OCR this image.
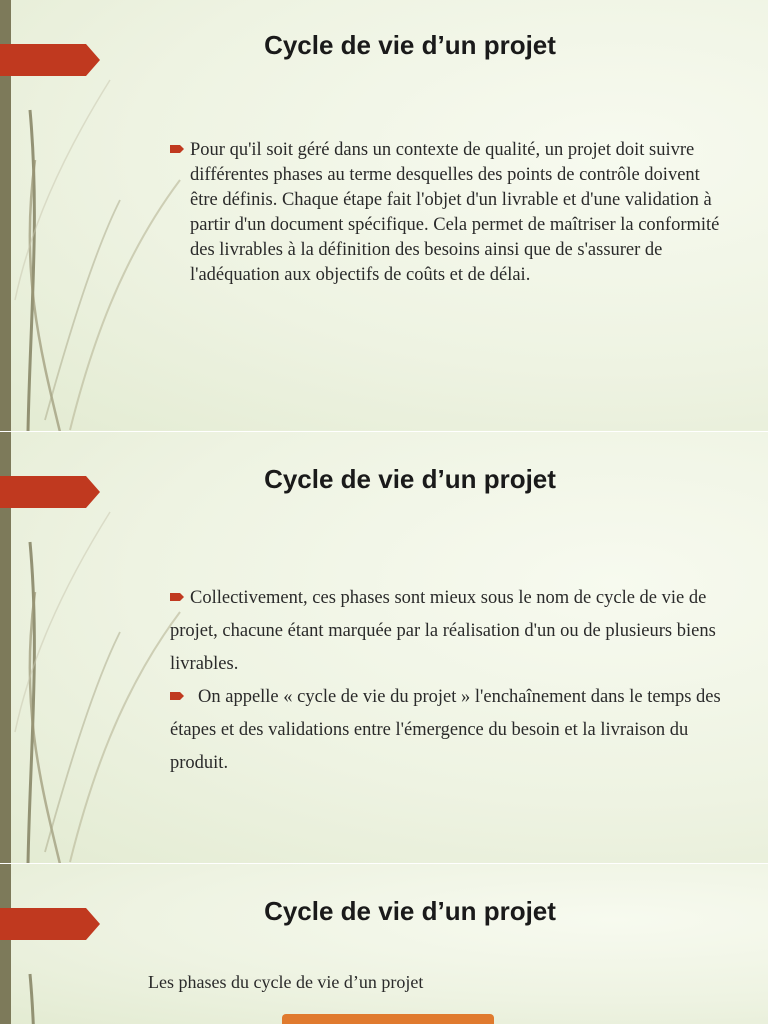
Cycle de vie d’un projet

Pour qu'il soit géré dans un contexte de qualité, un projet doit suivre différentes phases au terme desquelles des points de contrôle doivent être définis. Chaque étape fait l'objet d'un livrable et d'une validation à partir d'un document spécifique. Cela permet de maîtriser la conformité des livrables à la définition des besoins ainsi que de s'assurer de l'adéquation aux objectifs de coûts et de délai.

Cycle de vie d’un projet

Collectivement, ces phases sont mieux sous le nom de cycle de vie de projet, chacune étant marquée par la réalisation d'un ou de plusieurs biens livrables.

On appelle « cycle de vie du projet » l'enchaînement dans le temps des étapes et des validations entre l'émergence du besoin et la livraison du produit.

Cycle de vie d’un projet
Les phases du cycle de vie d’un projet
